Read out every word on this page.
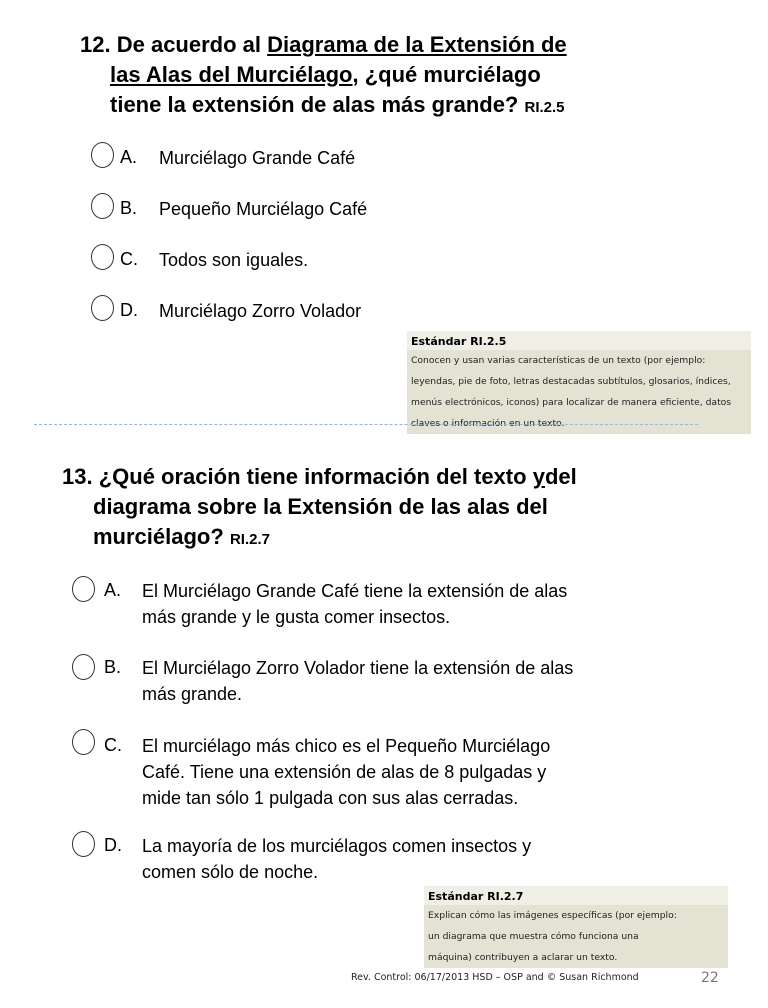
12. De acuerdo al Diagrama de la Extensión de
las Alas del Murciélago, ¿qué murciélago
tiene la extensión de alas más grande? RI.2.5
A. Murciélago Grande Café
B. Pequeño Murciélago Café
C. Todos son iguales.
D. Murciélago Zorro Volador
Estándar RI.2.5
Conocen y usan varias características de un texto (por ejemplo:
leyendas, pie de foto, letras destacadas subtítulos, glosarios, índices,
menús electrónicos, iconos) para localizar de manera eficiente, datos
claves o información en un texto.
13. ¿Qué oración tiene información del texto ydel
diagrama sobre la Extensión de las alas del
murciélago? RI.2.7
A. El Murciélago Grande Café tiene la extensión de alas
más grande y le gusta comer insectos.
B. El Murciélago Zorro Volador tiene la extensión de alas
más grande.
C. El murciélago más chico es el Pequeño Murciélago
Café. Tiene una extensión de alas de 8 pulgadas y
mide tan sólo 1 pulgada con sus alas cerradas.
D. La mayoría de los murciélagos comen insectos y
comen sólo de noche.
Estándar RI.2.7
Explican cómo las imágenes específicas (por ejemplo:
un diagrama que muestra cómo funciona una
máquina) contribuyen a aclarar un texto.
Rev. Control: 06/17/2013 HSD – OSP and © Susan Richmond	22
